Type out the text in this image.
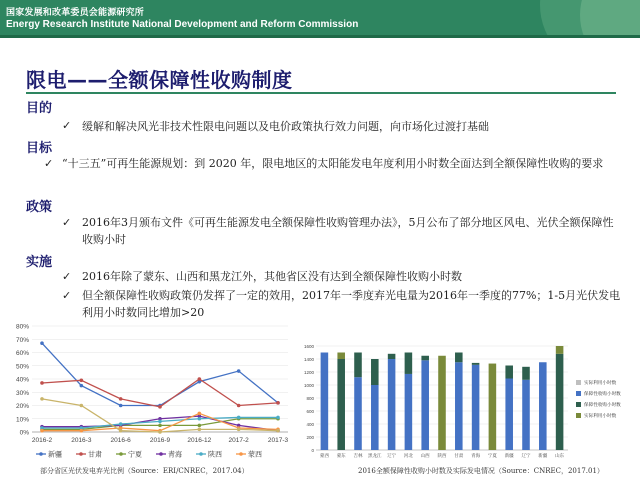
国家发展和改革委员会能源研究所
Energy Research Institute National Development and Reform Commission
限电——全额保障性收购制度
目的
✓ 缓解和解决风光非技术性限电问题以及电价政策执行效力问题，向市场化过渡打基础
目标
✓ “十三五”可再生能源规划：到 2020 年，限电地区的太阳能发电年度利用小时数全面达到全额保障性收购的要求
政策
✓ 2016年3月颁布文件《可再生能源发电全额保障性收购管理办法》，5月公布了部分地区风电、光伏全额保障性收购小时
实施
✓ 2016年除了蒙东、山西和黑龙江外，其他省区没有达到全额保障性收购小时数
✓ 但全额保障性收购政策仍发挥了一定的效用，2017年一季度弃光电量为2016年一季度的77%；1-5月光伏发电利用小时数同比增加>20
0%
10%
20%
30%
40%
50%
60%
70%
80%
2016-2	2016-3	2016-6	2016-9	2016-12	2017-2	2017-3
新疆	甘肃	宁夏	青海	陕西	蒙西
部分省区光伏发电弃光比例（Source：ERI/CNREC，2017.04）
0
200
400
600
800
1000
1200
1400
1600
蒙西 蒙东 吉林 黑龙江 辽宁 河北 山西 陕西 甘肃 青海 宁夏 新疆 辽宁 新疆 山东
实际利用小时数
保障性收购小时数
保障性收购小时数
实际利用小时数
2016全额保障性收购小时数及实际发电情况（Source：CNREC，2017.01）
